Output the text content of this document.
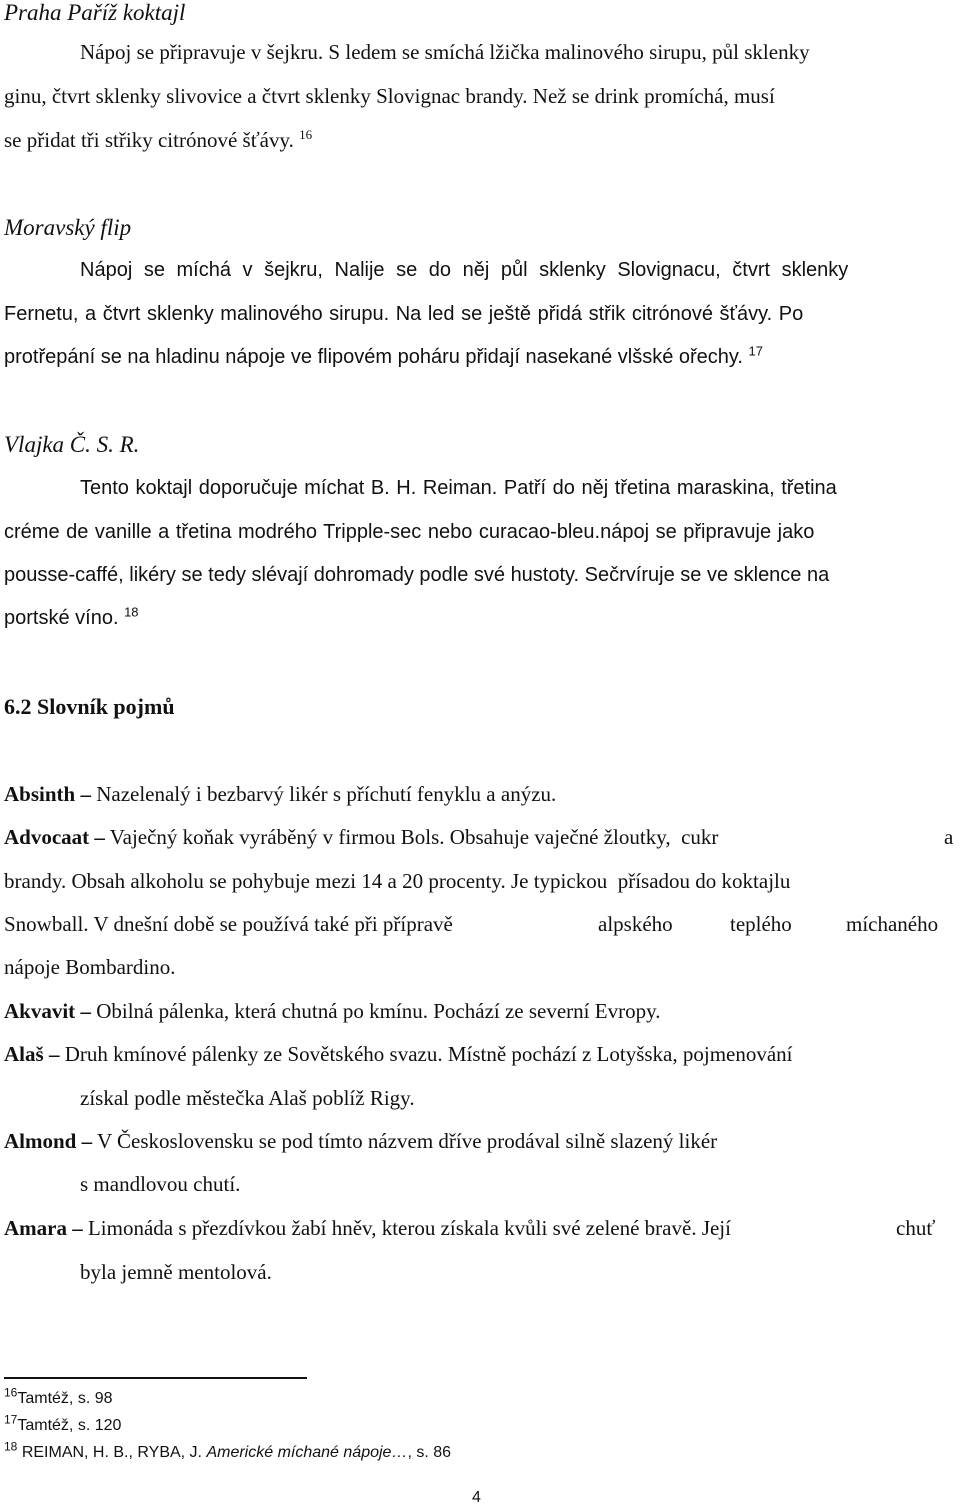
Praha Paříž koktajl
Nápoj se připravuje v šejkru. S ledem se smíchá lžička malinového sirupu, půl sklenky
ginu, čtvrt sklenky slivovice a čtvrt sklenky Slovignac brandy. Než se drink promíchá, musí
se přidat tři střiky citrónové šťávy. $^{16}$
Moravský flip
Nápoj se míchá v šejkru, Nalije se do něj půl sklenky Slovignacu, čtvrt sklenky
Fernetu, a čtvrt sklenky malinového sirupu. Na led se ještě přidá střik citrónové šťávy. Po
protřepání se na hladinu nápoje ve flipovém poháru přidají nasekané vlšské ořechy. $^{17}$
Vlajka Č. S. R.
Tento koktajl doporučuje míchat B. H. Reiman. Patří do něj třetina maraskina, třetina
créme de vanille a třetina modrého Tripple-sec nebo curacao-bleu.nápoj se připravuje jako
pousse-caffé, likéry se tedy slévají dohromady podle své hustoty. Sečrvíruje se ve sklence na
portské víno. $^{18}$
6.2 Slovník pojmů
Absinth – Nazelenalý i bezbarvý likér s příchutí fenyklu a anýzu.
Advocaat – Vaječný koňak vyráběný v firmou Bols. Obsahuje vaječné žloutky,  cukr	a
brandy. Obsah alkoholu se pohybuje mezi 14 a 20 procenty. Je typickou  přísadou do koktajlu
Snowball. V dnešní době se používá také při přípravě	alpského	teplého	míchaného
nápoje Bombardino.
Akvavit – Obilná pálenka, která chutná po kmínu. Pochází ze severní Evropy.
Alaš – Druh kmínové pálenky ze Sovětského svazu. Místně pochází z Lotyšska, pojmenování
získal podle městečka Alaš poblíž Rigy.
Almond – V Československu se pod tímto názvem dříve prodával silně slazený likér
s mandlovou chutí.
Amara – Limonáda s přezdívkou žabí hněv, kterou získala kvůli své zelené bravě. Její	chuť
byla jemně mentolová.
$^{16}$Tamtéž, s. 98
$^{17}$Tamtéž, s. 120
$^{18}$ REIMAN, H. B., RYBA, J. Americké míchané nápoje…, s. 86
4
